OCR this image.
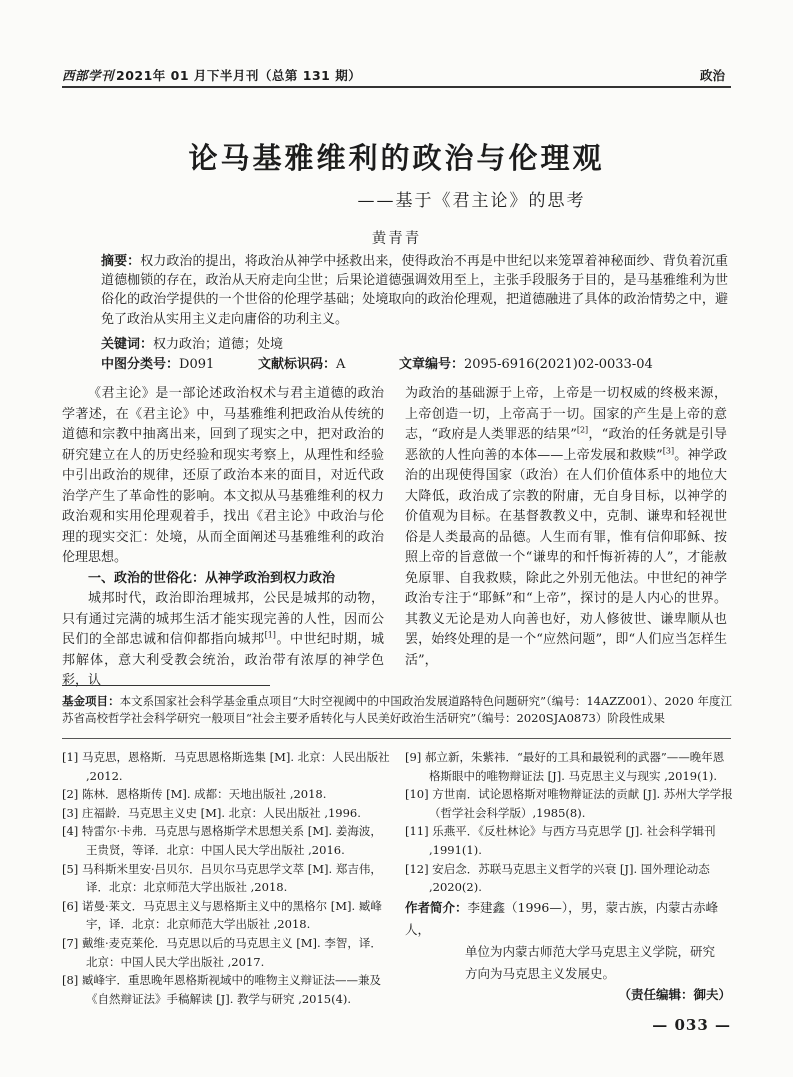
西部学刊 2021年 01 月下半月刊（总第 131 期）	政治
论马基雅维利的政治与伦理观
——基于《君主论》的思考
黄青青
摘要：权力政治的提出，将政治从神学中拯救出来，使得政治不再是中世纪以来笼罩着神秘面纱、背负着沉重道德枷锁的存在，政治从天府走向尘世；后果论道德强调效用至上，主张手段服务于目的，是马基雅维利为世俗化的政治学提供的一个世俗的伦理学基础；处境取向的政治伦理观，把道德融进了具体的政治情势之中，避免了政治从实用主义走向庸俗的功利主义。
关键词：权力政治；道德；处境
中图分类号：D091	文献标识码：A	文章编号：2095-6916(2021)02-0033-04

《君主论》是一部论述政治权术与君主道德的政治学著述，在《君主论》中，马基雅维利把政治从传统的道德和宗教中抽离出来，回到了现实之中，把对政治的研究建立在人的历史经验和现实考察上，从理性和经验中引出政治的规律，还原了政治本来的面目，对近代政治学产生了革命性的影响。本文拟从马基雅维利的权力政治观和实用伦理观着手，找出《君主论》中政治与伦理的现实交汇：处境，从而全面阐述马基雅维利的政治伦理思想。

一、政治的世俗化：从神学政治到权力政治

城邦时代，政治即治理城邦，公民是城邦的动物，只有通过完满的城邦生活才能实现完善的人性，因而公民们的全部忠诚和信仰都指向城邦[1]。中世纪时期，城邦解体，意大利受教会统治，政治带有浓厚的神学色彩，认

为政治的基础源于上帝，上帝是一切权威的终极来源，上帝创造一切，上帝高于一切。国家的产生是上帝的意志，“政府是人类罪恶的结果”[2]，“政治的任务就是引导恶欲的人性向善的本体——上帝发展和救赎”[3]。神学政治的出现使得国家（政治）在人们价值体系中的地位大大降低，政治成了宗教的附庸，无自身目标，以神学的价值观为目标。在基督教教义中，克制、谦卑和轻视世俗是人类最高的品德。人生而有罪，惟有信仰耶稣、按照上帝的旨意做一个“谦卑的和忏悔祈祷的人”，才能赦免原罪、自我救赎，除此之外别无他法。中世纪的神学政治专注于“耶稣”和“上帝”，探讨的是人内心的世界。其教义无论是劝人向善也好，劝人修彼世、谦卑顺从也罢，始终处理的是一个“应然问题”，即“人们应当怎样生活”，

基金项目：本文系国家社会科学基金重点项目“大时空视阈中的中国政治发展道路特色问题研究”（编号：14AZZ001）、2020 年度江苏省高校哲学社会科学研究一般项目“社会主要矛盾转化与人民美好政治生活研究”（编号：2020SJA0873）阶段性成果
[1] 马克思，恩格斯．马克思恩格斯选集 [M]. 北京：人民出版社 ,2012.
[2] 陈林．恩格斯传 [M]. 成都：天地出版社 ,2018.
[3] 庄福龄．马克思主义史 [M]. 北京：人民出版社 ,1996.
[4] 特雷尔·卡弗．马克思与恩格斯学术思想关系 [M]. 姜海波，王贵贤，等译．北京：中国人民大学出版社 ,2016.
[5] 马科斯米里安·吕贝尔．吕贝尔马克思学文萃 [M]. 郑吉伟，译．北京：北京师范大学出版社 ,2018.
[6] 诺曼·莱文．马克思主义与恩格斯主义中的黑格尔 [M]. 臧峰宇，译．北京：北京师范大学出版社 ,2018.
[7] 戴维·麦克莱伦．马克思以后的马克思主义 [M]. 李智，译．北京：中国人民大学出版社 ,2017.
[8] 臧峰宇．重思晚年恩格斯视域中的唯物主义辩证法——兼及《自然辩证法》手稿解读 [J]. 教学与研究 ,2015(4).
[9] 郝立新，朱紫祎．“最好的工具和最锐利的武器”——晚年恩格斯眼中的唯物辩证法 [J]. 马克思主义与现实 ,2019(1).
[10] 方世南．试论恩格斯对唯物辩证法的贡献 [J]. 苏州大学学报（哲学社会科学版）,1985(8).
[11] 乐燕平．《反杜林论》与西方马克思学 [J]. 社会科学辑刊 ,1991(1).
[12] 安启念．苏联马克思主义哲学的兴衰 [J]. 国外理论动态 ,2020(2).
作者简介：李建鑫（1996—），男，蒙古族，内蒙古赤峰人，
单位为内蒙古师范大学马克思主义学院，研究
方向为马克思主义发展史。
（责任编辑：御夫）
— 033 —
